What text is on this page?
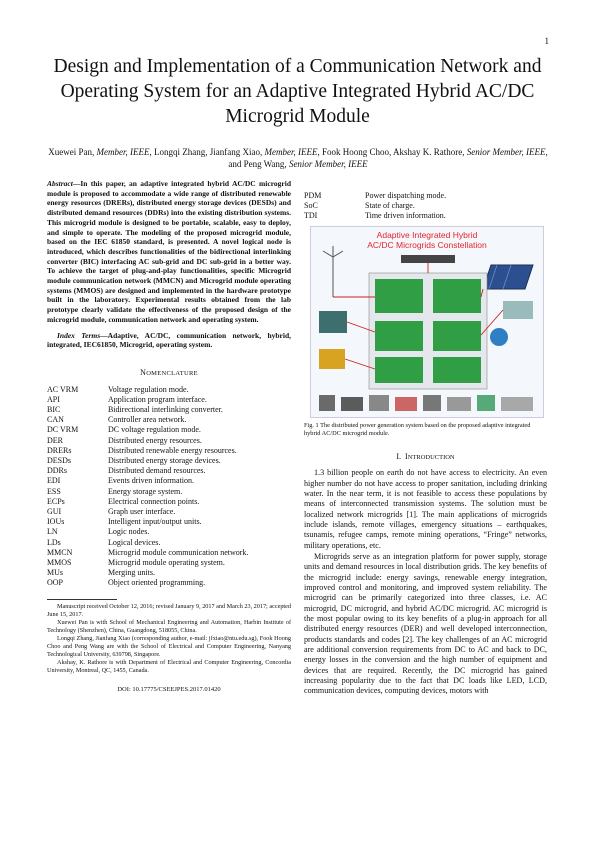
1
Design and Implementation of a Communication Network and Operating System for an Adaptive Integrated Hybrid AC/DC Microgrid Module
Xuewei Pan, Member, IEEE, Longqi Zhang, Jianfang Xiao, Member, IEEE, Fook Hoong Choo, Akshay K. Rathore, Senior Member, IEEE, and Peng Wang, Senior Member, IEEE
Abstract—In this paper, an adaptive integrated hybrid AC/DC microgrid module is proposed to accommodate a wide range of distributed renewable energy resources (DRERs), distributed energy storage devices (DESDs) and distributed demand resources (DDRs) into the existing distribution systems. This microgrid module is designed to be portable, scalable, easy to deploy, and simple to operate. The modeling of the proposed microgrid module, based on the IEC 61850 standard, is presented. A novel logical node is introduced, which describes functionalities of the bidirectional interlinking converter (BIC) interfacing AC sub-grid and DC sub-grid in a better way. To achieve the target of plug-and-play functionalities, specific Microgrid module communication network (MMCN) and Microgrid module operating systems (MMOS) are designed and implemented in the hardware prototype built in the laboratory. Experimental results obtained from the lab prototype clearly validate the effectiveness of the proposed design of the microgrid module, communication network and operating system.
Index Terms—Adaptive, AC/DC, communication network, hybrid, integrated, IEC61850, Microgrid, operating system.
NOMENCLATURE
AC VRM	Voltage regulation mode.
API	Application program interface.
BIC	Bidirectional interlinking converter.
CAN	Controller area network.
DC VRM	DC voltage regulation mode.
DER	Distributed energy resources.
DRERs	Distributed renewable energy resources.
DESDs	Distributed energy storage devices.
DDRs	Distributed demand resources.
EDI	Events driven information.
ESS	Energy storage system.
ECPs	Electrical connection points.
GUI	Graph user interface.
IOUs	Intelligent input/output units.
LN	Logic nodes.
LDs	Logical devices.
MMCN	Microgrid module communication network.
MMOS	Microgrid module operating system.
MUs	Merging units.
OOP	Object oriented programming.

Manuscript received October 12, 2016; revised January 9, 2017 and March 23, 2017; accepted June 15, 2017.

Xuewei Pan is with School of Mechanical Engineering and Automation, Harbin Institute of Technology (Shenzhen), China, Guangdong, 518055, China.

Longqi Zhang, Jianfang Xiao (corresponding author, e-mail: jfxiao@ntu.edu.sg), Fook Hoong Choo and Peng Wang are with the School of Electrical and Computer Engineering, Nanyang Technological University, 639798, Singapore.

Akshay, K. Rathore is with Department of Electrical and Computer Engineering, Concordia University, Montreal, QC, 1455, Canada.

DOI: 10.17775/CSEEJPES.2017.01420
PDM	Power dispatching mode.
SoC	State of charge.
TDI	Time driven information.
Adaptive Integrated Hybrid
AC/DC Microgrids Constellation
Fig. 1 The distributed power generation system based on the proposed adaptive integrated hybrid AC/DC microgrid module.
I. INTRODUCTION

1.3 billion people on earth do not have access to electricity. An even higher number do not have access to proper sanitation, including drinking water. In the near term, it is not feasible to access these populations by means of interconnected transmission systems. The solution must be localized network microgrids [1]. The main applications of microgrids include islands, remote villages, emergency situations – earthquakes, tsunamis, refugee camps, remote mining operations, “Fringe” networks, military operations, etc.

Microgrids serve as an integration platform for power supply, storage units and demand resources in local distribution grids. The key benefits of the microgrid include: energy savings, renewable energy integration, improved control and monitoring, and improved system reliability. The microgrid can be primarily categorized into three classes, i.e. AC microgrid, DC microgrid, and hybrid AC/DC microgrid. AC microgrid is the most popular owing to its key benefits of a plug-in approach for all distributed energy resources (DER) and well developed interconnection, products standards and codes [2]. The key challenges of an AC microgrid are additional conversion requirements from DC to AC and back to DC, energy losses in the conversion and the high number of equipment and devices that are required. Recently, the DC microgrid has gained increasing popularity due to the fact that DC loads like LED, LCD, communication devices, computing devices, motors with
